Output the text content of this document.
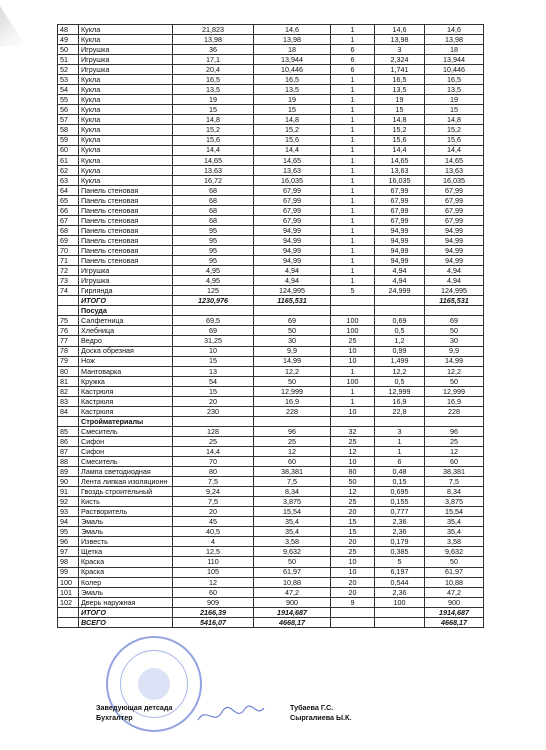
48	Кукла	21,823	14,6	1	14,6	14,6
49	Кукла	13,98	13,98	1	13,98	13,98
50	Игрушка	36	18	6	3	18
51	Игрушка	17,1	13,944	6	2,324	13,944
52	Игрушка	20,4	10,446	6	1,741	10,446
53	Кукла	16,5	16,5	1	16,5	16,5
54	Кукла	13,5	13,5	1	13,5	13,5
55	Кукла	19	19	1	19	19
56	Кукла	15	15	1	15	15
57	Кукла	14,8	14,8	1	14,8	14,8
58	Кукла	15,2	15,2	1	15,2	15,2
59	Кукла	15,6	15,6	1	15,6	15,6
60	Кукла	14,4	14,4	1	14,4	14,4
61	Кукла	14,65	14,65	1	14,65	14,65
62	Кукла	13,63	13,63	1	13,63	13,63
63	Кукла	16,72	16,035	1	16,035	16,035
64	Панель стеновая	68	67,99	1	67,99	67,99
65	Панель стеновая	68	67,99	1	67,99	67,99
66	Панель стеновая	68	67,99	1	67,99	67,99
67	Панель стеновая	68	67,99	1	67,99	67,99
68	Панель стеновая	95	94,99	1	94,99	94,99
69	Панель стеновая	95	94,99	1	94,99	94,99
70	Панель стеновая	95	94,99	1	94,99	94,99
71	Панель стеновая	95	94,99	1	94,99	94,99
72	Игрушка	4,95	4,94	1	4,94	4,94
73	Игрушка	4,95	4,94	1	4,94	4,94
74	Гирлянда	125	124,995	5	24,999	124,995
	ИТОГО	1230,976	1165,531			1165,531
	Посуда					
75	Салфетница	69,5	69	100	0,69	69
76	Хлебница	69	50	100	0,5	50
77	Ведро	31,25	30	25	1,2	30
78	Доска обрезная	10	9,9	10	0,99	9,9
79	Нож	15	14,99	10	1,499	14,99
80	Мантоварка	13	12,2	1	12,2	12,2
81	Кружка	54	50	100	0,5	50
82	Кастрюля	15	12,999	1	12,999	12,999
83	Кастрюля	20	16,9	1	16,9	16,9
84	Кастрюля	230	228	10	22,8	228
	Стройматериалы					
85	Смеситель	128	96	32	3	96
86	Сифон	25	25	25	1	25
87	Сифон	14,4	12	12	1	12
88	Смеситель	70	60	10	6	60
89	Лампа светодиодная	80	38,381	80	0,48	38,381
90	Лента липкая изоляционн	7,5	7,5	50	0,15	7,5
91	Гвоздь строительный	9,24	8,34	12	0,695	8,34
92	Кисть	7,5	3,875	25	0,155	3,875
93	Растворитель	20	15,54	20	0,777	15,54
94	Эмаль	45	35,4	15	2,36	35,4
95	Эмаль	40,5	35,4	15	2,36	35,4
96	Известь	4	3,58	20	0,179	3,58
97	Щетка	12,5	9,632	25	0,385	9,632
98	Краска	110	50	10	5	50
99	Краска	105	61,97	10	6,197	61,97
100	Колер	12	10,88	20	0,544	10,88
101	Эмаль	60	47,2	20	2,36	47,2
102	Дверь наружная	909	900	9	100	900
	ИТОГО	2166,39	1914,687			1914,687
	ВСЕГО	5416,07	4668,17			4668,17
Заведующая детсада
Бухгалтер
Тубаева Г.С.
Сыргалиева Ы.К.
